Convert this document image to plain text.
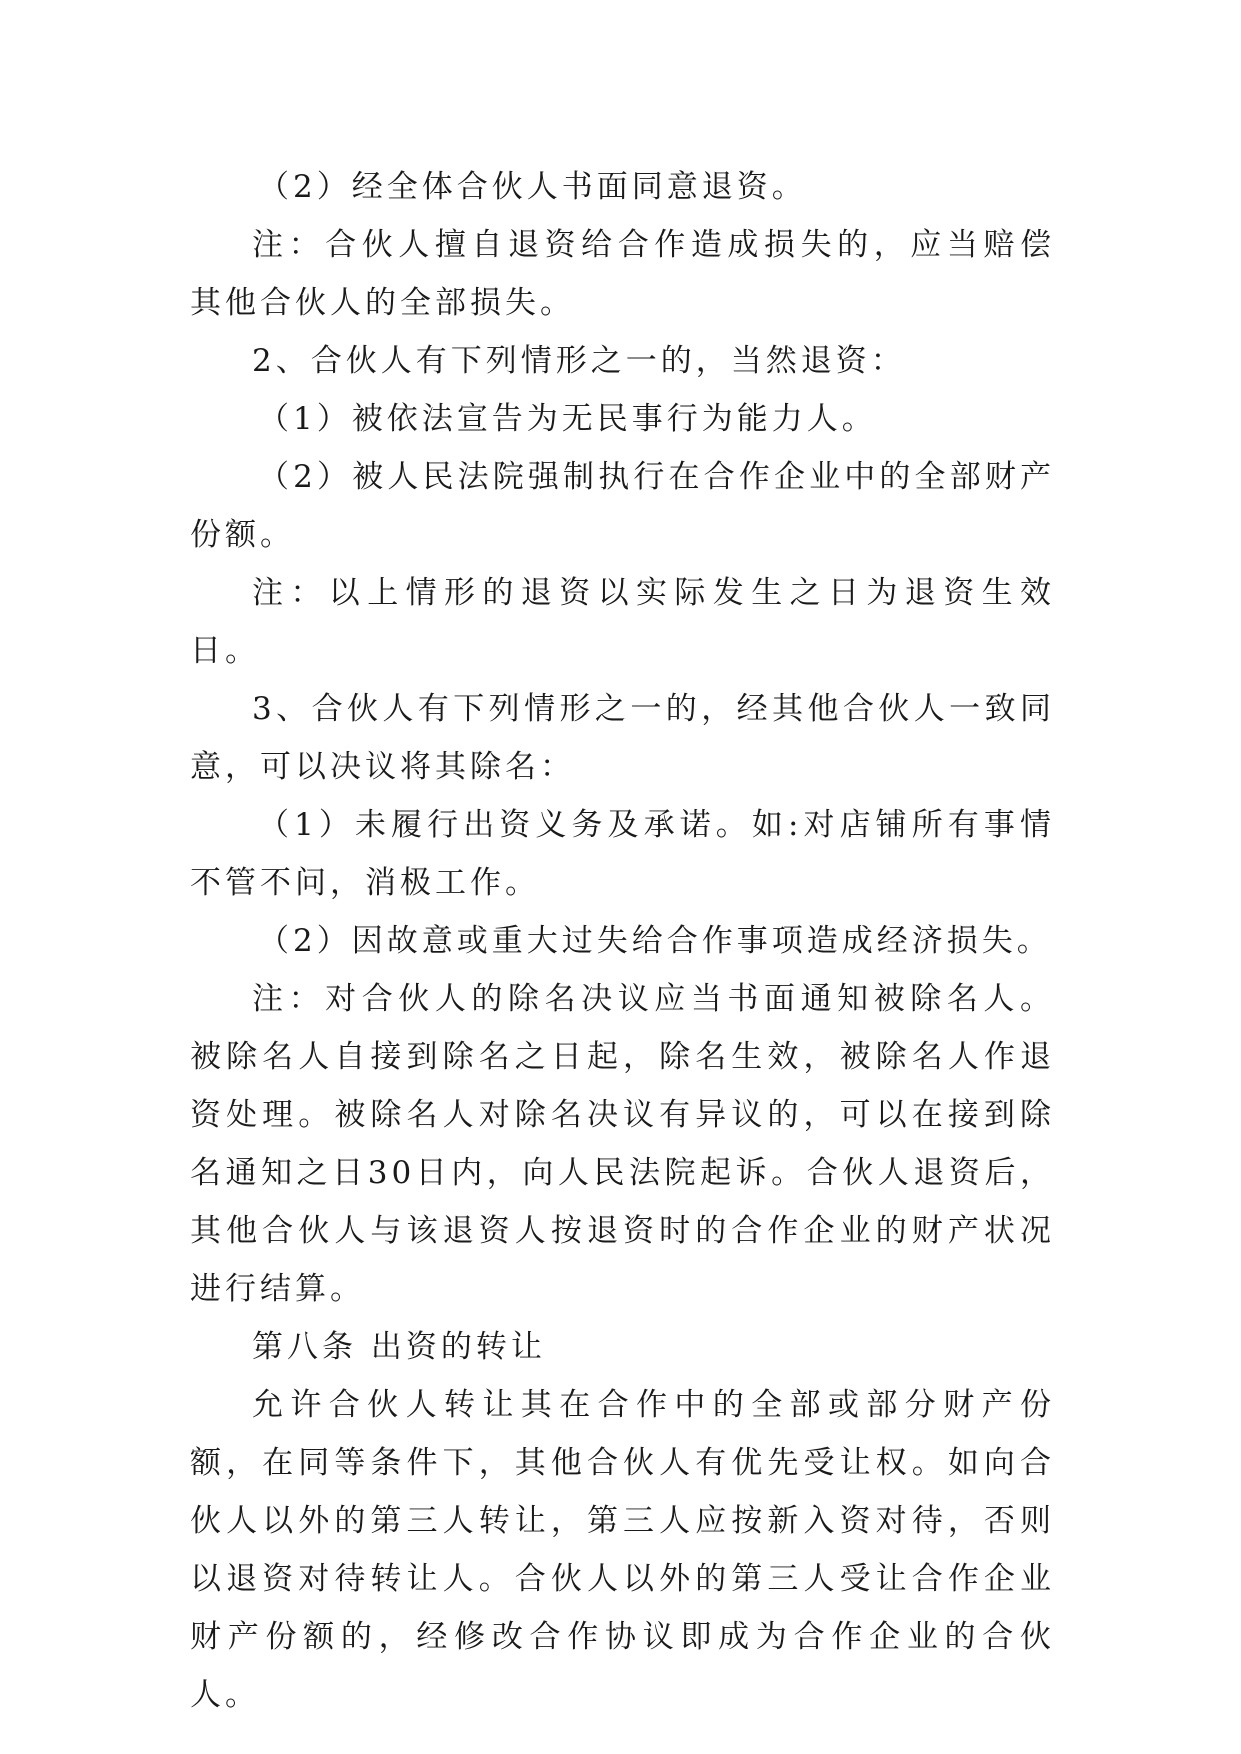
（2）经全体合伙人书面同意退资。

注：合伙人擅自退资给合作造成损失的，应当赔偿其他合伙人的全部损失。

2、合伙人有下列情形之一的，当然退资：

（1）被依法宣告为无民事行为能力人。

（2）被人民法院强制执行在合作企业中的全部财产份额。

注：以上情形的退资以实际发生之日为退资生效日。

3、合伙人有下列情形之一的，经其他合伙人一致同意，可以决议将其除名：

（1）未履行出资义务及承诺。如:对店铺所有事情不管不问，消极工作。

（2）因故意或重大过失给合作事项造成经济损失。

注：对合伙人的除名决议应当书面通知被除名人。被除名人自接到除名之日起，除名生效，被除名人作退资处理。被除名人对除名决议有异议的，可以在接到除名通知之日30日内，向人民法院起诉。合伙人退资后，其他合伙人与该退资人按退资时的合作企业的财产状况进行结算。

第八条 出资的转让

允许合伙人转让其在合作中的全部或部分财产份额，在同等条件下，其他合伙人有优先受让权。如向合伙人以外的第三人转让，第三人应按新入资对待，否则以退资对待转让人。合伙人以外的第三人受让合作企业财产份额的，经修改合作协议即成为合作企业的合伙人。
